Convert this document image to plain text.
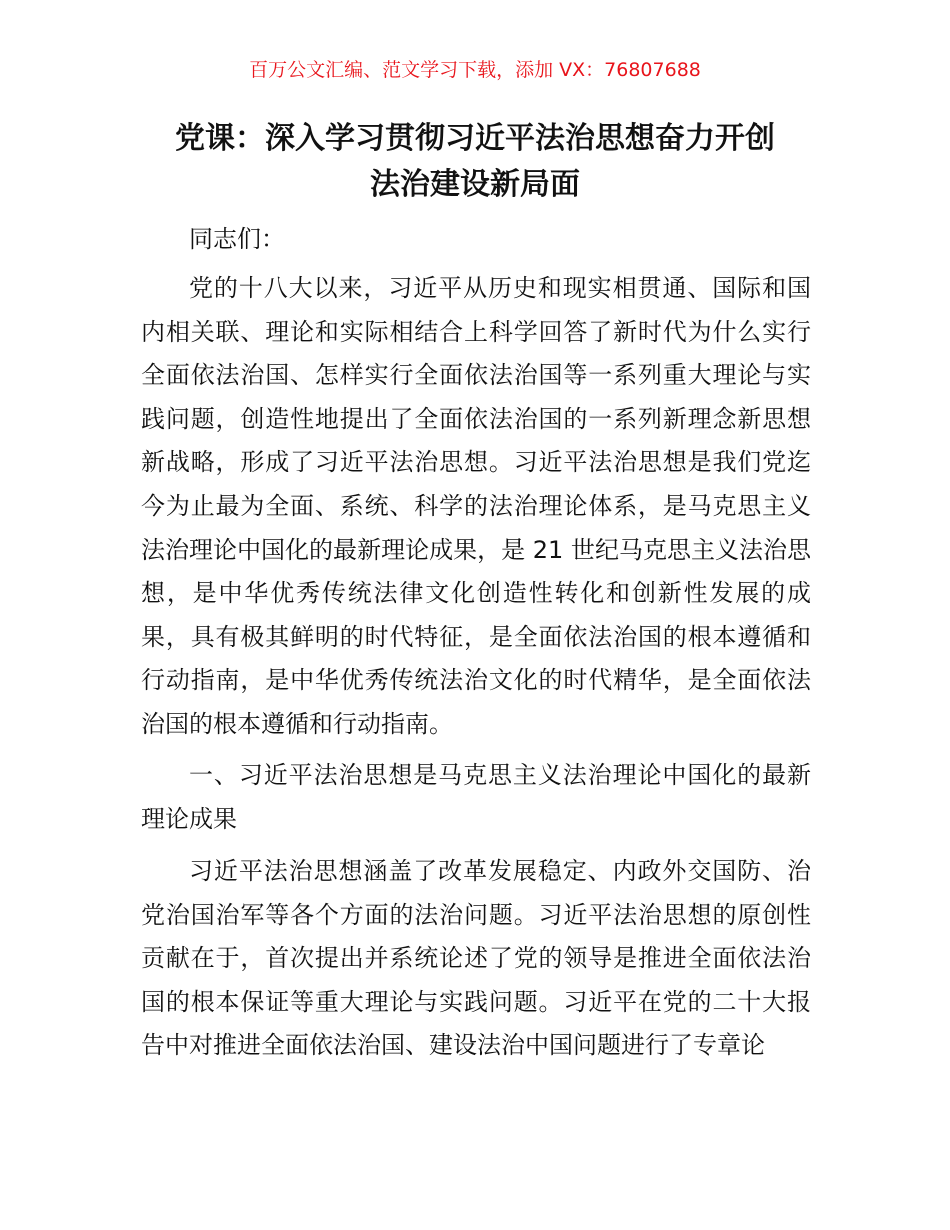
百万公文汇编、范文学习下载，添加 VX：76807688
党课：深入学习贯彻习近平法治思想奋力开创
法治建设新局面

同志们：

党的十八大以来，习近平从历史和现实相贯通、国际和国内相关联、理论和实际相结合上科学回答了新时代为什么实行全面依法治国、怎样实行全面依法治国等一系列重大理论与实践问题，创造性地提出了全面依法治国的一系列新理念新思想新战略，形成了习近平法治思想。习近平法治思想是我们党迄今为止最为全面、系统、科学的法治理论体系，是马克思主义法治理论中国化的最新理论成果，是 21 世纪马克思主义法治思想，是中华优秀传统法律文化创造性转化和创新性发展的成果，具有极其鲜明的时代特征，是全面依法治国的根本遵循和行动指南，是中华优秀传统法治文化的时代精华，是全面依法治国的根本遵循和行动指南。

一、习近平法治思想是马克思主义法治理论中国化的最新理论成果

习近平法治思想涵盖了改革发展稳定、内政外交国防、治党治国治军等各个方面的法治问题。习近平法治思想的原创性贡献在于，首次提出并系统论述了党的领导是推进全面依法治国的根本保证等重大理论与实践问题。习近平在党的二十大报告中对推进全面依法治国、建设法治中国问题进行了专章论
